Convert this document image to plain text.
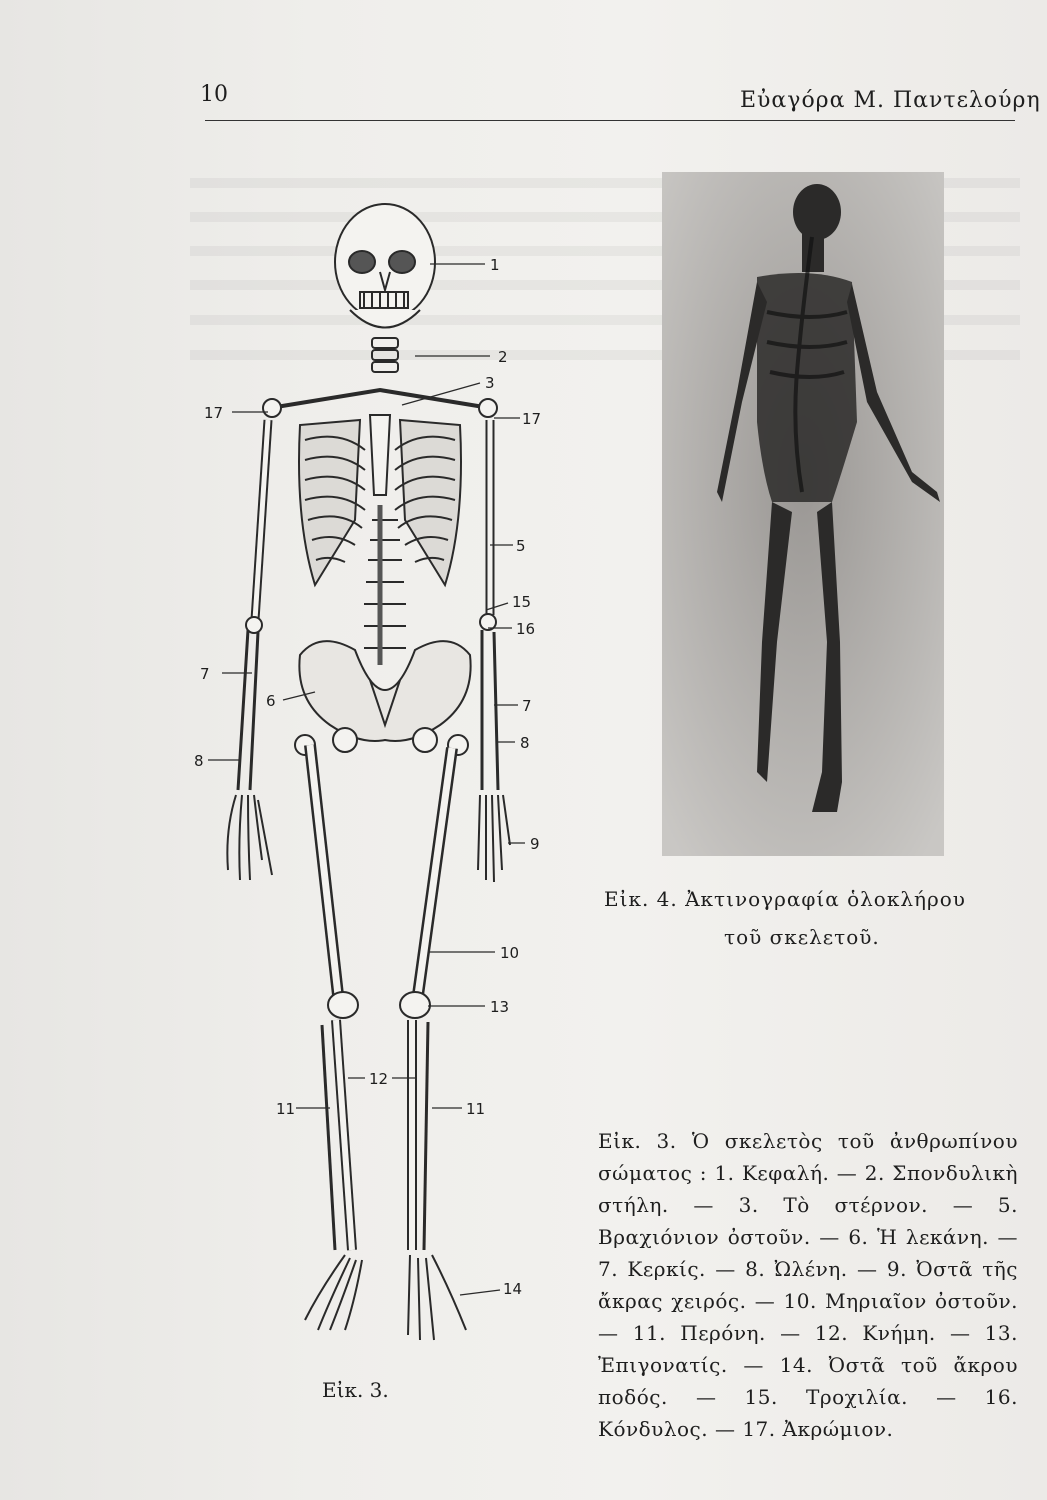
10	Εὐαγόρα Μ. Παντελούρη
1
2
3
17	17
5
15
16
7
6	7
8
8
9
10
13
12
11	11
14
Εἰκ. 3.
Εἰκ. 4. Ἀκτινογραφία ὁλοκλήρου
τοῦ σκελετοῦ.
Εἰκ. 3. Ὁ σκελετὸς τοῦ ἀνθρωπίνου σώματος : 1. Κεφαλή. — 2. Σπονδυλικὴ στήλη. — 3. Τὸ στέρνον. — 5. Βραχιόνιον ὀστοῦν. — 6. Ἡ λεκάνη. — 7. Κερκίς. — 8. Ὠλένη. — 9. Ὀστᾶ τῆς ἄκρας χειρός. — 10. Μηριαῖον ὀστοῦν. — 11. Περόνη. — 12. Κνήμη. — 13. Ἐπιγονατίς. — 14. Ὀστᾶ τοῦ ἄκρου ποδός. — 15. Τροχιλία. — 16. Κόνδυλος. — 17. Ἀκρώμιον.
